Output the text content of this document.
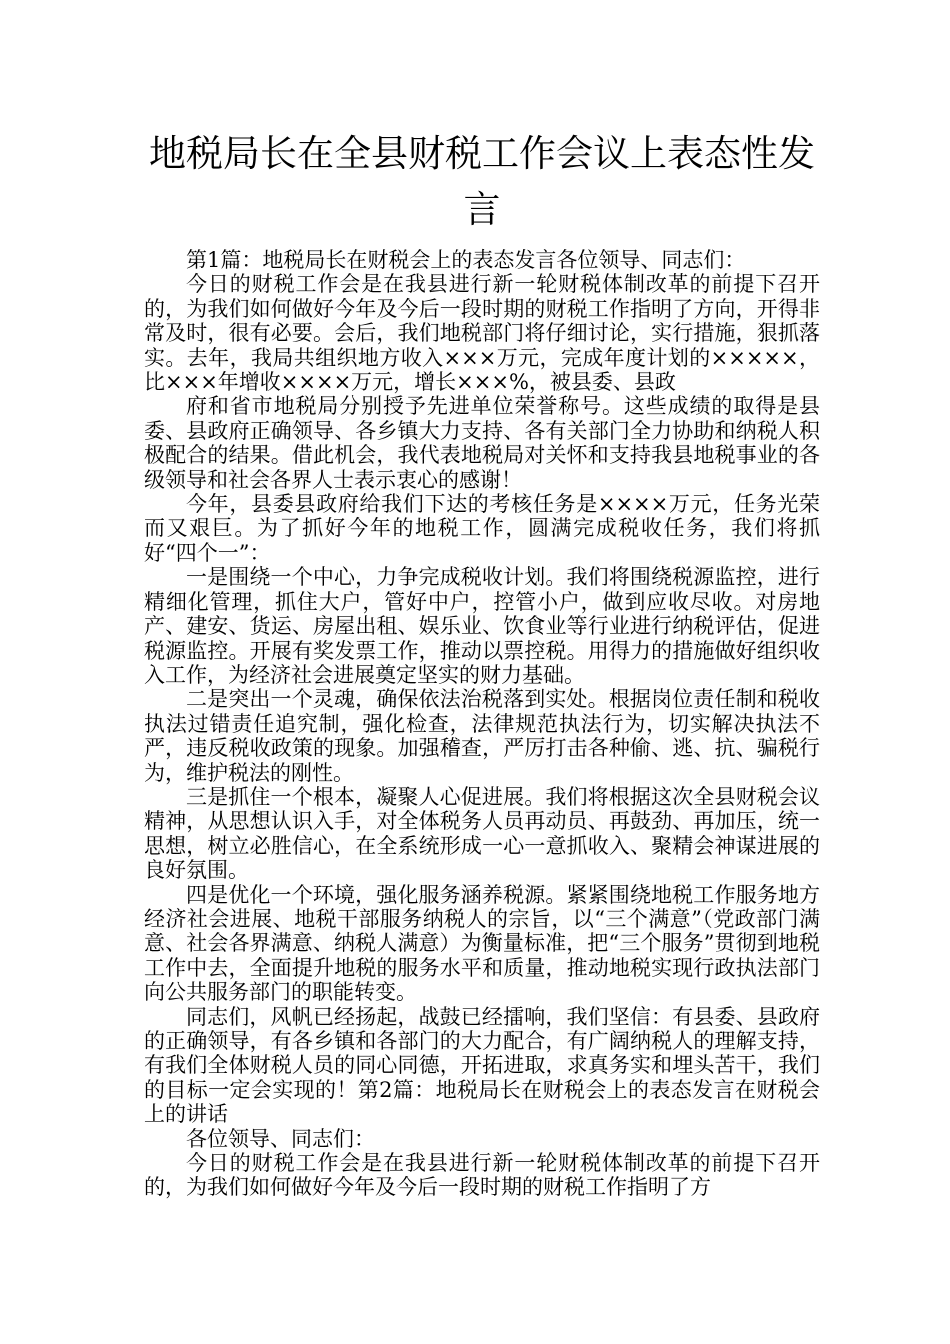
地税局长在全县财税工作会议上表态性发言

第1篇：地税局长在财税会上的表态发言各位领导、同志们：

今日的财税工作会是在我县进行新一轮财税体制改革的前提下召开的，为我们如何做好今年及今后一段时期的财税工作指明了方向，开得非常及时，很有必要。会后，我们地税部门将仔细讨论，实行措施，狠抓落实。去年，我局共组织地方收入×××万元，完成年度计划的×××××，比×××年增收××××万元，增长×××%，被县委、县政

府和省市地税局分别授予先进单位荣誉称号。这些成绩的取得是县委、县政府正确领导、各乡镇大力支持、各有关部门全力协助和纳税人积极配合的结果。借此机会，我代表地税局对关怀和支持我县地税事业的各级领导和社会各界人士表示衷心的感谢！

今年，县委县政府给我们下达的考核任务是××××万元，任务光荣而又艰巨。为了抓好今年的地税工作，圆满完成税收任务，我们将抓好“四个一”：

一是围绕一个中心，力争完成税收计划。我们将围绕税源监控，进行精细化管理，抓住大户，管好中户，控管小户，做到应收尽收。对房地产、建安、货运、房屋出租、娱乐业、饮食业等行业进行纳税评估，促进税源监控。开展有奖发票工作，推动以票控税。用得力的措施做好组织收入工作，为经济社会进展奠定坚实的财力基础。

二是突出一个灵魂，确保依法治税落到实处。根据岗位责任制和税收执法过错责任追究制，强化检查，法律规范执法行为，切实解决执法不严，违反税收政策的现象。加强稽查，严厉打击各种偷、逃、抗、骗税行为，维护税法的刚性。

三是抓住一个根本，凝聚人心促进展。我们将根据这次全县财税会议精神，从思想认识入手，对全体税务人员再动员、再鼓劲、再加压，统一思想，树立必胜信心，在全系统形成一心一意抓收入、聚精会神谋进展的良好氛围。

四是优化一个环境，强化服务涵养税源。紧紧围绕地税工作服务地方经济社会进展、地税干部服务纳税人的宗旨，以“三个满意”（党政部门满意、社会各界满意、纳税人满意）为衡量标准，把“三个服务”贯彻到地税工作中去，全面提升地税的服务水平和质量，推动地税实现行政执法部门向公共服务部门的职能转变。

同志们，风帆已经扬起，战鼓已经擂响，我们坚信：有县委、县政府的正确领导，有各乡镇和各部门的大力配合，有广阔纳税人的理解支持，有我们全体财税人员的同心同德，开拓进取，求真务实和埋头苦干，我们的目标一定会实现的！第2篇：地税局长在财税会上的表态发言在财税会上的讲话

各位领导、同志们：

今日的财税工作会是在我县进行新一轮财税体制改革的前提下召开的，为我们如何做好今年及今后一段时期的财税工作指明了方
